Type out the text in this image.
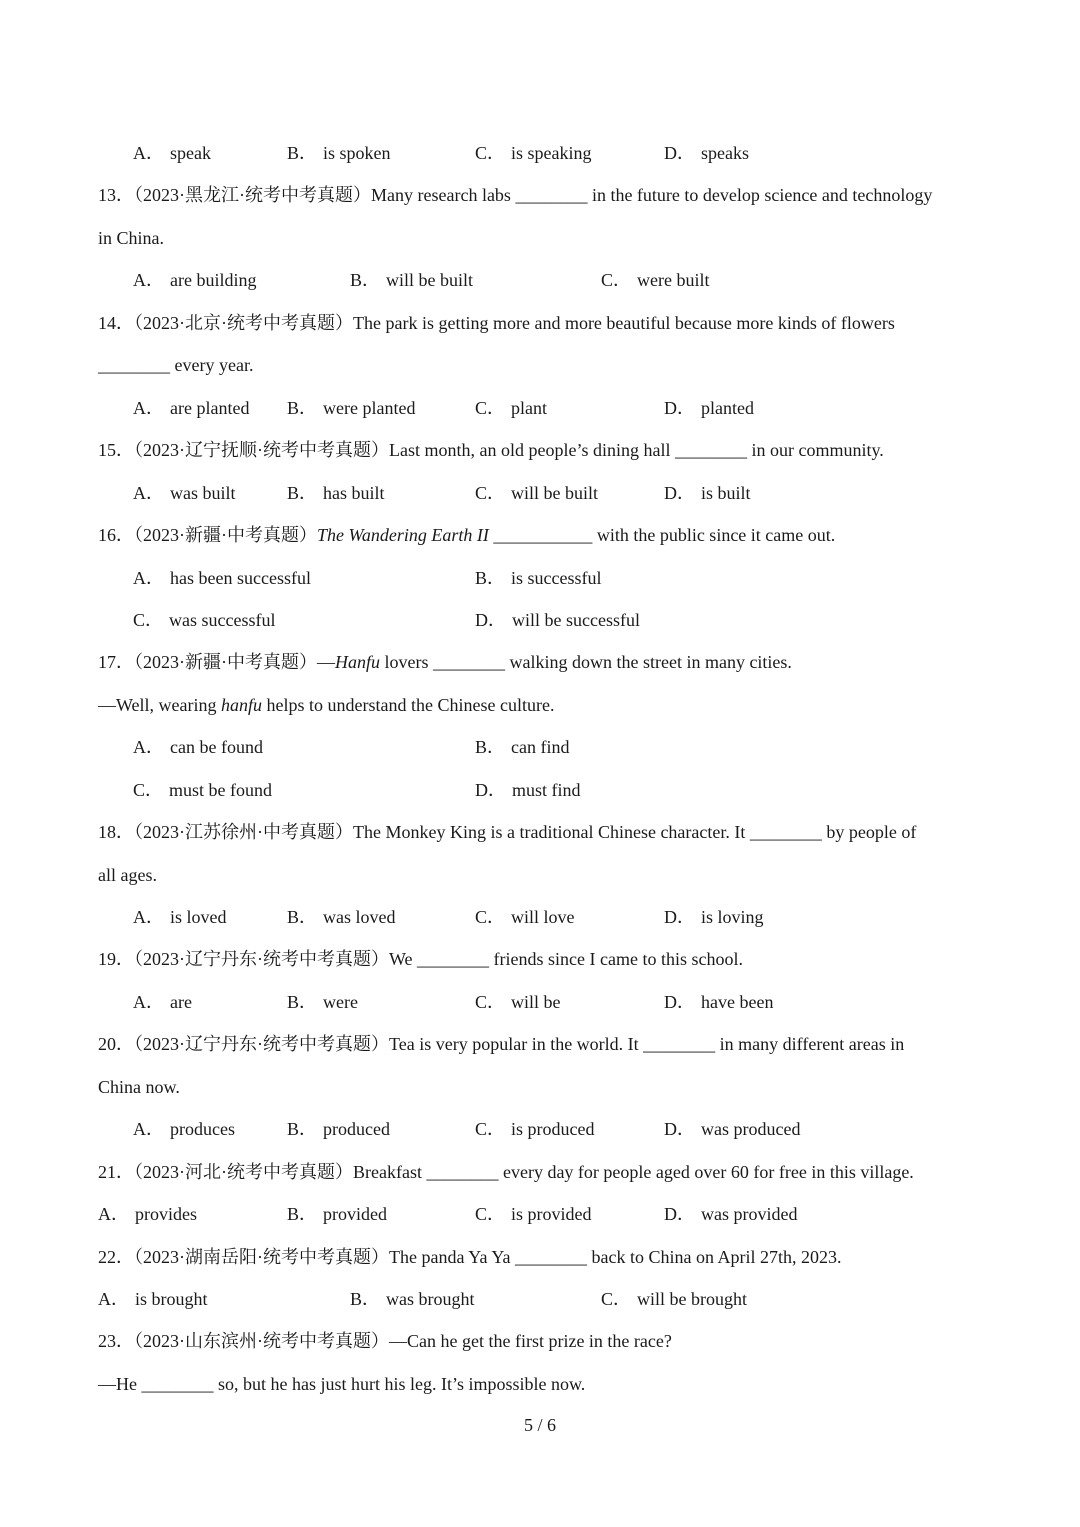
A． speak	B． is spoken	C． is speaking	D． speaks
13．（2023·黑龙江·统考中考真题）Many research labs ________ in the future to develop science and technology
in China.
A． are building	B． will be built	C． were built
14．（2023·北京·统考中考真题）The park is getting more and more beautiful because more kinds of flowers
________ every year.
A． are planted B． were planted	C． plant	D． planted
15．（2023·辽宁抚顺·统考中考真题）Last month, an old people’s dining hall ________ in our community.
A． was built	B． has built	C． will be built	D． is built
16．（2023·新疆·中考真题）The Wandering Earth II ___________ with the public since it came out.
A． has been successful	B． is successful
C． was successful	D． will be successful
17．（2023·新疆·中考真题）—Hanfu lovers ________ walking down the street in many cities.
—Well, wearing hanfu helps to understand the Chinese culture.
A． can be found	B． can find
C． must be found	D． must find
18．（2023·江苏徐州·中考真题）The Monkey King is a traditional Chinese character. It ________ by people of
all ages.
A． is loved	B． was loved	C． will love	D． is loving
19．（2023·辽宁丹东·统考中考真题）We ________ friends since I came to this school.
A． are	B． were	C． will be	D． have been
20．（2023·辽宁丹东·统考中考真题）Tea is very popular in the world. It ________ in many different areas in
China now.
A． produces	B． produced	C． is produced	D． was produced
21．（2023·河北·统考中考真题）Breakfast ________ every day for people aged over 60 for free in this village.
A． provides	B． provided	C． is provided	D． was provided
22．（2023·湖南岳阳·统考中考真题）The panda Ya Ya ________ back to China on April 27th, 2023.
A． is brought	B． was brought	C． will be brought
23．（2023·山东滨州·统考中考真题）—Can he get the first prize in the race?
—He ________ so, but he has just hurt his leg. It’s impossible now.
5 / 6
